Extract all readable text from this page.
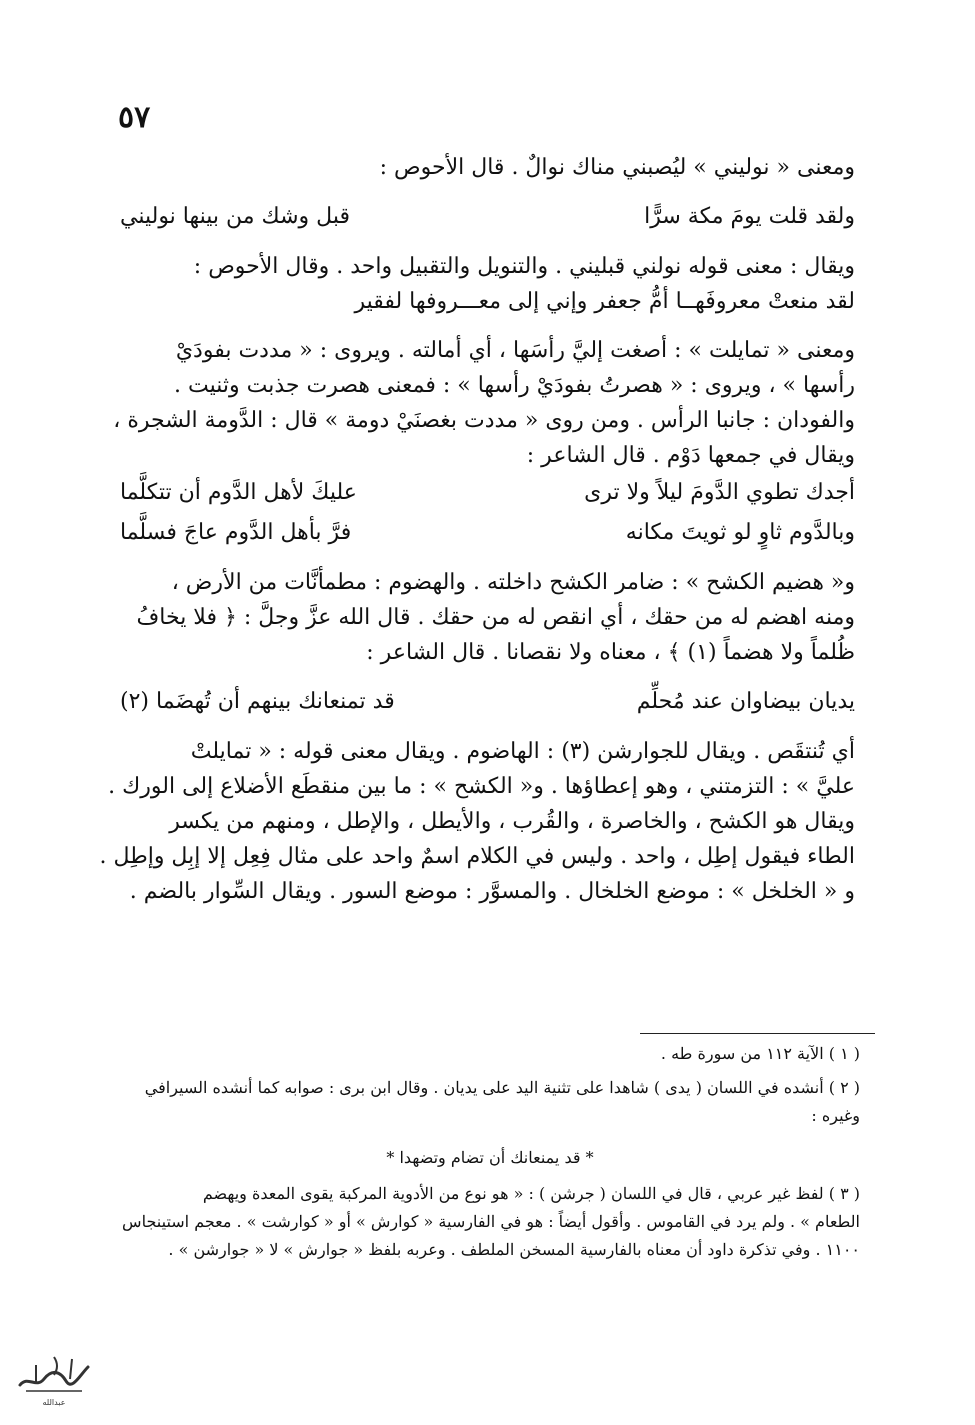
٥٧
ومعنى « نوليني » ليُصبني مناك نوالٌ . قال الأحوص :
ولقد قلت يومَ مكة سرًّا
قبل وشك من بينها نوليني
ويقال : معنى قوله نولني قبليني . والتنويل والتقبيل واحد . وقال الأحوص :
لقد منعتْ معروفَهــا أمُّ جعفر وإني إلى معـــروفها لفقير
ومعنى « تمايلت » : أصغت إليَّ رأسَها ، أي أمالته . ويروى : « مددت بفودَيْ
رأسها » ، ويروى : « هصرتُ بفودَيْ رأسها » : فمعنى هصرت جذبت وثنيت .
والفودان : جانبا الرأس . ومن روى « مددت بغصنَيْ دومة » قال : الدَّومة الشجرة ،
ويقال في جمعها دَوْم . قال الشاعر :
أجدك تطوي الدَّومَ ليلاً ولا ترى
عليكَ لأهل الدَّوم أن تتكلَّما
وبالدَّوم ثاوٍ لو ثويتَ مكانه
فرَّ بأهل الدَّوم عاجَ فسلَّما
و« هضيم الكشح » : ضامر الكشح داخلته . والهضوم : مطمأنَّات من الأرض ،
ومنه اهضم له من حقك ، أي انقص له من حقك . قال الله عزَّ وجلَّ : ﴿ فلا يخافُ
ظُلماً ولا هضماً (١) ﴾ ، معناه ولا نقصانا . قال الشاعر :
يديان بيضاوان عند مُحلِّم
قد تمنعانك بينهم أن تُهضَما (٢)
أي تُنتقَص . ويقال للجوارشن (٣) : الهاضوم . ويقال معنى قوله : « تمايلتْ
عليَّ » : التزمتني ، وهو إعطاؤها . و« الكشح » : ما بين منقطَع الأضلاع إلى الورك .
ويقال هو الكشح ، والخاصرة ، والقُرب ، والأيطل ، والإطل ، ومنهم من يكسر
الطاء فيقول إطِل ، واحد . وليس في الكلام اسمٌ واحد على مثال فِعِل إلا إبِل وإطِل .
و « الخلخل » : موضع الخلخال . والمسوَّر : موضع السور . ويقال السِّوار بالضم .
( ١ ) الآية ١١٢ من سورة طه .
( ٢ ) أنشده في اللسان ( يدى ) شاهدا على تثنية اليد على يديان . وقال ابن برى : صوابه كما أنشده السيرافي
وغيره :
* قد يمنعانك أن تضام وتضهدا *
( ٣ ) لفظ غير عربي ، قال في اللسان ( جرشن ) : « هو نوع من الأدوية المركبة يقوى المعدة ويهضم
الطعام » . ولم يرد في القاموس . وأقول أيضاً : هو في الفارسية « كوارش » أو « كوارشت » . معجم استينجاس
١١٠٠ . وفي تذكرة داود أن معناه بالفارسية المسخن الملطف . وعربه بلفظ « جوارش » لا « جوارشن » .
عبدالله
